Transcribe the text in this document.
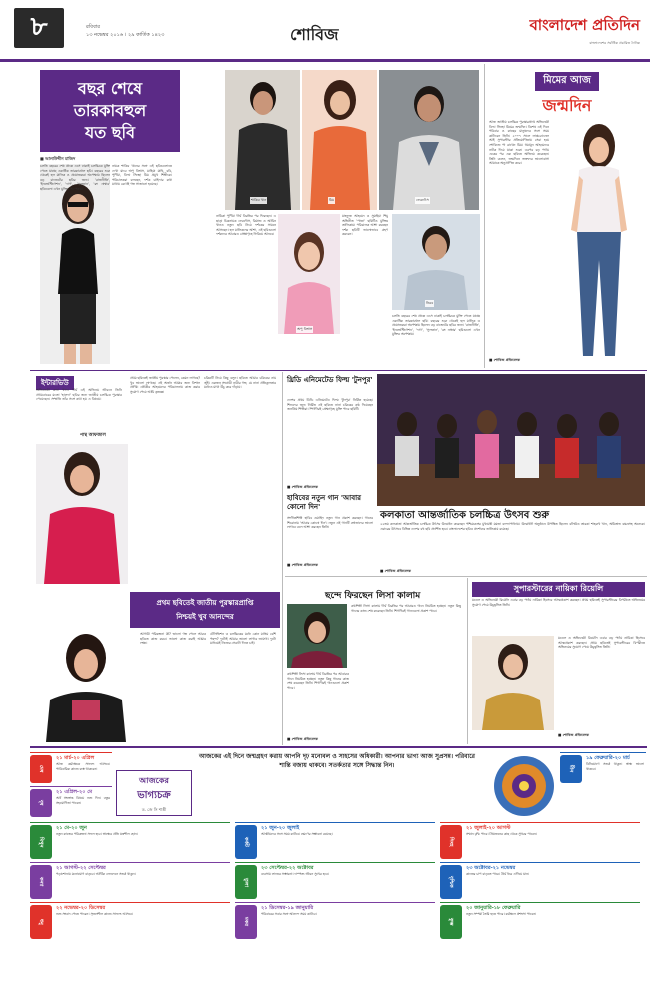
৮	রবিবার
১৩ নভেম্বর ২০১৬ । ২৯ কার্তিক ১৪২৩	শোবিজ	বাংলাদেশ প্রতিদিন
বাংলাদেশের সর্বাধিক প্রচারিত দৈনিক
বছর শেষে
তারকাবহুল
যত ছবি
■ আলাউদ্দীন মাজিদ
চলতি বছরের শেষ প্রান্তে এসে ঢাকাই চলচ্চিত্রে মুক্তি পেতে যাচ্ছে একাধিক তারকাবহুল ছবি। বছরের শুরু থেকেই হল মালিক ও প্রযোজকরা অপেক্ষায় ছিলেন বড় বাজেটের ছবির জন্য। 'রাজনীতি', 'ইনভেস্টিগেশন', 'দাগ', 'সুলতান', 'রং নাম্বার' ছবিগুলো এখন মুক্তির অপেক্ষায়।
নায়ক শাকিব খানের সঙ্গে এই ছবিগুলোতে দেখা যাবে অপু বিশ্বাস, মাহিয়া মাহি, ববি, পূর্ণিমা, বিদ্যা সিনহা মিম প্রমুখ শিল্পীকে। পরিচালকরা বলছেন, দর্শক চাহিদার কথা মাথায় রেখেই গল্প সাজানো হয়েছে।
শাকিব খান	মিম	ফেরদৌস
নায়িকা পূর্ণিমা দীর্ঘ বিরতির পর ফিরছেন। এ ছাড়া চিত্রনায়ক ফেরদৌস, রিয়াজ ও আমিন খানও নতুন ছবি নিয়ে দর্শকের সামনে আসছেন। হল মালিকদের আশা, এই ছবিগুলো দর্শকদের আবারও প্রেক্ষাগৃহে ফিরিয়ে আনবে।
অপু বিশ্বাস
মাহফুজ আহমেদ ও সুমাইয়া শিমু অভিনীত 'পাতা' ছবিটিও মুক্তির তালিকায়। পরিচালক আশা করছেন দর্শক ছবিটি ভালোভাবে গ্রহণ করবেন।
নিরব
চলতি বছরের শেষ প্রান্তে এসে ঢাকাই চলচ্চিত্রে মুক্তি পেতে যাচ্ছে একাধিক তারকাবহুল ছবি। বছরের শুরু থেকেই হল মালিক ও প্রযোজকরা অপেক্ষায় ছিলেন বড় বাজেটের ছবির জন্য। 'রাজনীতি', 'ইনভেস্টিগেশন', 'দাগ', 'সুলতান', 'রং নাম্বার' ছবিগুলো এখন মুক্তির অপেক্ষায়।
মিমের আজ
জন্মদিন
আজ জাতীয় চলচ্চিত্র পুরস্কারপ্রাপ্ত অভিনেত্রী বিদ্যা সিনহা মিমের জন্মদিন। বিশেষ এই দিনে পরিবার ও কাছের মানুষদের সঙ্গে সময় কাটাবেন তিনি। ২০০৭ সালে লাক্স-চ্যানেল আই সুপারস্টার প্রতিযোগিতায় সেরা হয়ে শোবিজে পা রাখেন মিম। হুমায়ূন আহমেদের নাটক দিয়ে যাত্রা শুরু। এরপর বড় পর্দায় একের পর এক ছবিতে অভিনয় করেছেন। তিনি বলেন, জন্মদিনে ভক্তদের ভালোবাসা আমাকে অনুপ্রাণিত করে।
■ শোবিজ প্রতিবেদক
ইন্টারভিউ
অভিনেত্রী রুনা খান। দীর্ঘ এই অভিনয় জীবনে তিনি প্রথমবারের মতো 'হালদা' ছবির জন্য জাতীয় চলচ্চিত্র পুরস্কার পেয়েছেন। সম্প্রতি তাঁর সঙ্গে কথা হয় এ বিষয়ে।
পান্থ আফজাল
প্রথম ছবিতেই জাতীয় পুরস্কার পেলেন, কেমন লাগছে? খুব ভালো লাগছে। এই অর্জন আমার জন্য বিশাল প্রাপ্তি। তৌকীর আহমেদের পরিচালনায় কাজ করার সুযোগ পেয়ে আমি কৃতজ্ঞ।
চরিত্রটি নিয়ে কিছু বলুন। ছবিতে আমার চরিত্রের নাম জুঁই। একজন সংগ্রামী নারীর গল্প, যে নানা প্রতিকূলতার মধ্যেও মাথা উঁচু করে দাঁড়ায়।
প্রথম ছবিতেই জাতীয় পুরস্কারপ্রাপ্তি
নিশ্চয়ই খুব আনন্দের
আগামী পরিকল্পনা কী? ভালো গল্প পেলে আরও ছবিতে কাজ করব। ভালো কাজ করাই আমার লক্ষ্য।
টেলিভিশন ও চলচ্চিত্রের মধ্যে কোন মাধ্যম বেশি পছন্দ? দুটোই আমার ভালো লাগার জায়গা। দুটো মাধ্যমেই নিজের সেরাটা দিতে চাই।
থ্রিডি এনিমেটেড ফিল্ম 'টুনপুর'
দেশের প্রথম থ্রিডি এনিমেটেড ফিল্ম 'টুনপুর' নির্মিত হয়েছে। শিশুদের জন্য নির্মিত এই ছবিতে নানা চরিত্রের কণ্ঠ দিয়েছেন জনপ্রিয় শিল্পীরা। শিগগিরই প্রেক্ষাগৃহে মুক্তি পাবে ছবিটি।
■ শোবিজ প্রতিবেদক
হাবিবের নতুন গান 'আবার কোনো দিন'
সংগীতশিল্পী হাবিব ওয়াহিদ নতুন গান প্রকাশ করছেন। গানের শিরোনাম 'আবার কোনো দিন'। নতুন এই গানটি শ্রোতাদের ভালো লাগবে বলে আশা করছেন তিনি।
■ শোবিজ প্রতিবেদক
কলকাতা আন্তর্জাতিক চলচ্চিত্র উৎসব শুরু
২২তম কলকাতা আন্তর্জাতিক চলচ্চিত্র উৎসব উদ্বোধন করেছেন পশ্চিমবঙ্গের মুখ্যমন্ত্রী মমতা বন্দ্যোপাধ্যায়। উদ্বোধনী অনুষ্ঠানে উপস্থিত ছিলেন বলিউড তারকা শাহরুখ খান, অমিতাভ বচ্চনসহ অনেকে। এবারের উৎসবে বিভিন্ন দেশের বহু ছবি প্রদর্শিত হবে। বাংলাদেশের ছবিও প্রদর্শনের তালিকায় রয়েছে।
■ শোবিজ প্রতিবেদক
ছন্দে ফিরছেন লিসা কালাম
কণ্ঠশিল্পী লিসা কালাম দীর্ঘ বিরতির পর আবারও গানে নিয়মিত হচ্ছেন। নতুন কিছু গানের কাজ শেষ করেছেন তিনি। শিগগিরই গানগুলো প্রকাশ পাবে।
কণ্ঠশিল্পী লিসা কালাম দীর্ঘ বিরতির পর আবারও গানে নিয়মিত হচ্ছেন। নতুন কিছু গানের কাজ শেষ করেছেন তিনি। শিগগিরই গানগুলো প্রকাশ পাবে।
■ শোবিজ প্রতিবেদক
সুপারস্টারের নায়িকা রিয়েলি
মডেল ও অভিনেত্রী রিয়েলি এবার বড় পর্দায় নায়িকা হিসেবে আত্মপ্রকাশ করছেন। প্রথম ছবিতেই সুপারস্টারের বিপরীতে অভিনয়ের সুযোগ পেয়ে উচ্ছ্বসিত তিনি।
মডেল ও অভিনেত্রী রিয়েলি এবার বড় পর্দায় নায়িকা হিসেবে আত্মপ্রকাশ করছেন। প্রথম ছবিতেই সুপারস্টারের বিপরীতে অভিনয়ের সুযোগ পেয়ে উচ্ছ্বসিত তিনি।
■ শোবিজ প্রতিবেদক
আজকের
ভাগ্যচক্র
ড. জে সি শাস্ত্রী
আজকের এই দিনে জন্মগ্রহণ করায় আপনি দৃঢ় মনোবল ও সাহসের অধিকারী। আপনার ভাগ্য আজ সুপ্রসন্ন। পরিবারে শান্তি বজায় থাকবে। সতর্কতার সঙ্গে সিদ্ধান্ত নিন।
মেষ
২১ মার্চ-২০ এপ্রিল
আজ কর্মক্ষেত্রে সাফল্য আসবে। পারিবারিক কাজে ব্যস্ত থাকবেন।
বৃষ
২১ এপ্রিল-২০ মে
অর্থ সংক্রান্ত বিষয়ে শুভ দিন। বন্ধুর সহযোগিতা পাবেন।
মিথুন
২১ মে-২০ জুন
নতুন কাজের পরিকল্পনা সফল হবে। স্বাস্থ্যের প্রতি যত্নশীল হোন।
কর্কট
২১ জুন-২০ জুলাই
আত্মীয়দের সঙ্গে সময় কাটবে। ভ্রমণের সম্ভাবনা রয়েছে।
সিংহ
২১ জুলাই-২০ আগস্ট
সম্মান বৃদ্ধি পাবে। প্রিয়জনের কাছ থেকে সুখবর পাবেন।
কন্যা
২১ আগস্ট-২২ সেপ্টেম্বর
পড়াশোনায় মনোযোগ বাড়বে। আর্থিক লেনদেনে সতর্ক থাকুন।
তুলা
২৩ সেপ্টেম্বর-২২ অক্টোবর
ব্যবসায় লাভের সম্ভাবনা। দাম্পত্য জীবন সুখের হবে।
বৃশ্চিক
২৩ অক্টোবর-২১ নভেম্বর
কাজের চাপ বাড়তে পারে। ধৈর্য ধরে এগিয়ে যান।
ধনু
২২ নভেম্বর-২০ ডিসেম্বর
শুভ সংবাদ পেতে পারেন। সৃজনশীল কাজে সাফল্য আসবে।
মকর
২১ ডিসেম্বর-১৯ জানুয়ারি
পরিবারের সবার সঙ্গে আনন্দে সময় কাটবে।
কুম্ভ
২০ জানুয়ারি-১৮ ফেব্রুয়ারি
নতুন সম্পর্ক তৈরি হতে পারে। কর্মস্থলে প্রশংসা পাবেন।
মীন
১৯ ফেব্রুয়ারি-২০ মার্চ
বিনিয়োগে সতর্ক থাকুন। স্বাস্থ্য ভালো থাকবে।
